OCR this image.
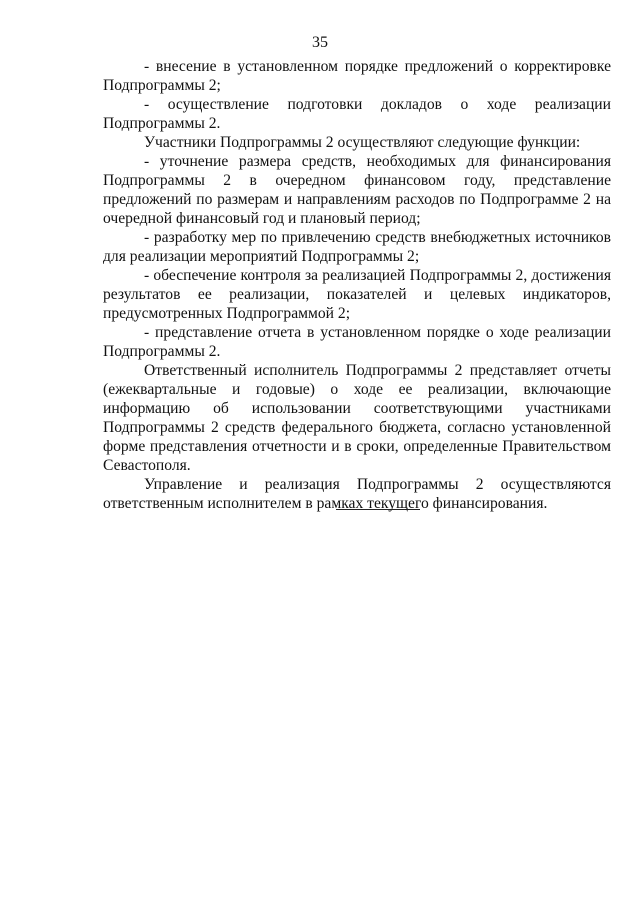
35

- внесение в установленном порядке предложений о корректировке Подпрограммы 2;

- осуществление подготовки докладов о ходе реализации Подпрограммы 2.

Участники Подпрограммы 2 осуществляют следующие функции:

- уточнение размера средств, необходимых для финансирования Подпрограммы 2 в очередном финансовом году, представление предложений по размерам и направлениям расходов по Подпрограмме 2 на очередной финансовый год и плановый период;

- разработку мер по привлечению средств внебюджетных источников для реализации мероприятий Подпрограммы 2;

- обеспечение контроля за реализацией Подпрограммы 2, достижения результатов ее реализации, показателей и целевых индикаторов, предусмотренных Подпрограммой 2;

- представление отчета в установленном порядке о ходе реализации Подпрограммы 2.

Ответственный исполнитель Подпрограммы 2 представляет отчеты (ежеквартальные и годовые) о ходе ее реализации, включающие информацию об использовании соответствующими участниками Подпрограммы 2 средств федерального бюджета, согласно установленной форме представления отчетности и в сроки, определенные Правительством Севастополя.

Управление и реализация Подпрограммы 2 осуществляются ответственным исполнителем в рамках текущего финансирования.
